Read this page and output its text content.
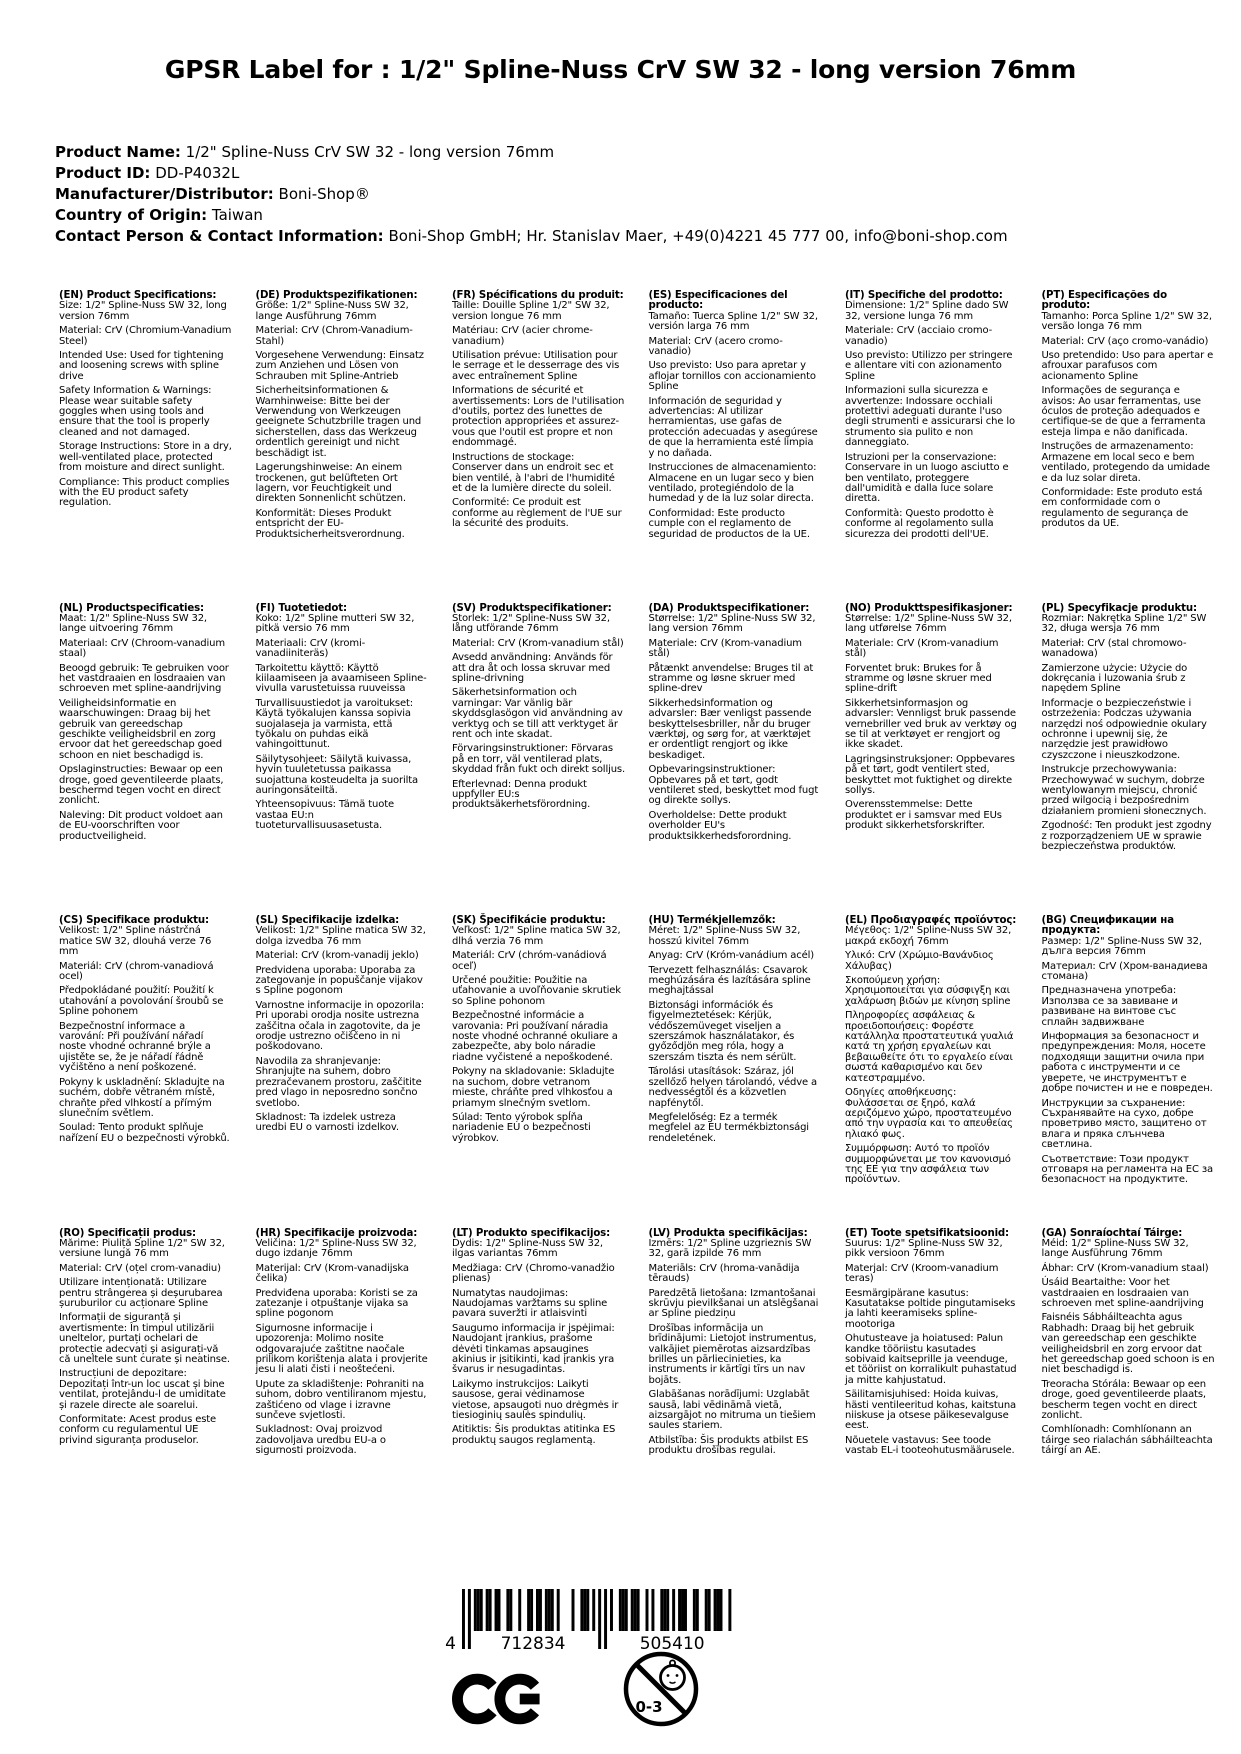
GPSR Label for : 1/2" Spline-Nuss CrV SW 32 - long version 76mm
Product Name: 1/2" Spline-Nuss CrV SW 32 - long version 76mm
Product ID: DD-P4032L
Manufacturer/Distributor: Boni-Shop®
Country of Origin: Taiwan
Contact Person & Contact Information: Boni-Shop GmbH; Hr. Stanislav Maer, +49(0)4221 45 777 00, info@boni-shop.com
(EN) Product Specifications:

Size: 1/2" Spline-Nuss SW 32, long version 76mm

Material: CrV (Chromium-Vanadium Steel)

Intended Use: Used for tightening and loosening screws with spline drive

Safety Information & Warnings: Please wear suitable safety goggles when using tools and ensure that the tool is properly cleaned and not damaged.

Storage Instructions: Store in a dry, well-ventilated place, protected from moisture and direct sunlight.

Compliance: This product complies with the EU product safety regulation.

(DE) Produktspezifikationen:

Größe: 1/2" Spline-Nuss SW 32, lange Ausführung 76mm

Material: CrV (Chrom-Vanadium-Stahl)

Vorgesehene Verwendung: Einsatz zum Anziehen und Lösen von Schrauben mit Spline-Antrieb

Sicherheitsinformationen & Warnhinweise: Bitte bei der Verwendung von Werkzeugen geeignete Schutzbrille tragen und sicherstellen, dass das Werkzeug ordentlich gereinigt und nicht beschädigt ist.

Lagerungshinweise: An einem trockenen, gut belüfteten Ort lagern, vor Feuchtigkeit und direkten Sonnenlicht schützen.

Konformität: Dieses Produkt entspricht der EU-Produktsicherheitsverordnung.

(FR) Spécifications du produit:

Taille: Douille Spline 1/2" SW 32, version longue 76 mm

Matériau: CrV (acier chrome-vanadium)

Utilisation prévue: Utilisation pour le serrage et le desserrage des vis avec entraînement Spline

Informations de sécurité et avertissements: Lors de l'utilisation d'outils, portez des lunettes de protection appropriées et assurez-vous que l'outil est propre et non endommagé.

Instructions de stockage: Conserver dans un endroit sec et bien ventilé, à l'abri de l'humidité et de la lumière directe du soleil.

Conformité: Ce produit est conforme au règlement de l'UE sur la sécurité des produits.

(ES) Especificaciones del producto:

Tamaño: Tuerca Spline 1/2" SW 32, versión larga 76 mm

Material: CrV (acero cromo-vanadio)

Uso previsto: Uso para apretar y aflojar tornillos con accionamiento Spline

Información de seguridad y advertencias: Al utilizar herramientas, use gafas de protección adecuadas y asegúrese de que la herramienta esté limpia y no dañada.

Instrucciones de almacenamiento: Almacene en un lugar seco y bien ventilado, protegiéndolo de la humedad y de la luz solar directa.

Conformidad: Este producto cumple con el reglamento de seguridad de productos de la UE.

(IT) Specifiche del prodotto:

Dimensione: 1/2" Spline dado SW 32, versione lunga 76 mm

Materiale: CrV (acciaio cromo-vanadio)

Uso previsto: Utilizzo per stringere e allentare viti con azionamento Spline

Informazioni sulla sicurezza e avvertenze: Indossare occhiali protettivi adeguati durante l'uso degli strumenti e assicurarsi che lo strumento sia pulito e non danneggiato.

Istruzioni per la conservazione: Conservare in un luogo asciutto e ben ventilato, proteggere dall'umidità e dalla luce solare diretta.

Conformità: Questo prodotto è conforme al regolamento sulla sicurezza dei prodotti dell'UE.

(PT) Especificações do produto:

Tamanho: Porca Spline 1/2" SW 32, versão longa 76 mm

Material: CrV (aço cromo-vanádio)

Uso pretendido: Uso para apertar e afrouxar parafusos com acionamento Spline

Informações de segurança e avisos: Ao usar ferramentas, use óculos de proteção adequados e certifique-se de que a ferramenta esteja limpa e não danificada.

Instruções de armazenamento: Armazene em local seco e bem ventilado, protegendo da umidade e da luz solar direta.

Conformidade: Este produto está em conformidade com o regulamento de segurança de produtos da UE.

(NL) Productspecificaties:

Maat: 1/2" Spline-Nuss SW 32, lange uitvoering 76mm

Materiaal: CrV (Chroom-vanadium staal)

Beoogd gebruik: Te gebruiken voor het vastdraaien en losdraaien van schroeven met spline-aandrijving

Veiligheidsinformatie en waarschuwingen: Draag bij het gebruik van gereedschap geschikte veiligheidsbril en zorg ervoor dat het gereedschap goed schoon en niet beschadigd is.

Opslaginstructies: Bewaar op een droge, goed geventileerde plaats, beschermd tegen vocht en direct zonlicht.

Naleving: Dit product voldoet aan de EU-voorschriften voor productveiligheid.

(FI) Tuotetiedot:

Koko: 1/2" Spline mutteri SW 32, pitkä versio 76 mm

Materiaali: CrV (kromi-vanadiiniteräs)

Tarkoitettu käyttö: Käyttö kiilaamiseen ja avaamiseen Spline-vivulla varustetuissa ruuveissa

Turvallisuustiedot ja varoitukset: Käytä työkalujen kanssa sopivia suojalaseja ja varmista, että työkalu on puhdas eikä vahingoittunut.

Säilytysohjeet: Säilytä kuivassa, hyvin tuuletetussa paikassa suojattuna kosteudelta ja suorilta auringonsäteiltä.

Yhteensopivuus: Tämä tuote vastaa EU:n tuoteturvallisuusasetusta.

(SV) Produktspecifikationer:

Storlek: 1/2" Spline-Nuss SW 32, lång utförande 76mm

Material: CrV (Krom-vanadium stål)

Avsedd användning: Används för att dra åt och lossa skruvar med spline-drivning

Säkerhetsinformation och varningar: Var vänlig bär skyddsglasögon vid användning av verktyg och se till att verktyget är rent och inte skadat.

Förvaringsinstruktioner: Förvaras på en torr, väl ventilerad plats, skyddad från fukt och direkt solljus.

Efterlevnad: Denna produkt uppfyller EU:s produktsäkerhetsförordning.

(DA) Produktspecifikationer:

Størrelse: 1/2" Spline-Nuss SW 32, lang version 76mm

Materiale: CrV (Krom-vanadium stål)

Påtænkt anvendelse: Bruges til at stramme og løsne skruer med spline-drev

Sikkerhedsinformation og advarsler: Bær venligst passende beskyttelsesbriller, når du bruger værktøj, og sørg for, at værktøjet er ordentligt rengjort og ikke beskadiget.

Opbevaringsinstruktioner: Opbevares på et tørt, godt ventileret sted, beskyttet mod fugt og direkte sollys.

Overholdelse: Dette produkt overholder EU's produktsikkerhedsforordning.

(NO) Produkttspesifikasjoner:

Størrelse: 1/2" Spline-Nuss SW 32, lang utførelse 76mm

Materiale: CrV (Krom-vanadium stål)

Forventet bruk: Brukes for å stramme og løsne skruer med spline-drift

Sikkerhetsinformasjon og advarsler: Vennligst bruk passende vernebriller ved bruk av verktøy og se til at verktøyet er rengjort og ikke skadet.

Lagringsinstruksjoner: Oppbevares på et tørt, godt ventilert sted, beskyttet mot fuktighet og direkte sollys.

Overensstemmelse: Dette produktet er i samsvar med EUs produkt sikkerhetsforskrifter.

(PL) Specyfikacje produktu:

Rozmiar: Nakrętka Spline 1/2" SW 32, długa wersja 76 mm

Materiał: CrV (stal chromowo-wanadowa)

Zamierzone użycie: Użycie do dokręcania i luzowania śrub z napędem Spline

Informacje o bezpieczeństwie i ostrzeżenia: Podczas używania narzędzi noś odpowiednie okulary ochronne i upewnij się, że narzędzie jest prawidłowo czyszczone i nieuszkodzone.

Instrukcje przechowywania: Przechowywać w suchym, dobrze wentylowanym miejscu, chronić przed wilgocią i bezpośrednim działaniem promieni słonecznych.

Zgodność: Ten produkt jest zgodny z rozporządzeniem UE w sprawie bezpieczeństwa produktów.

(CS) Specifikace produktu:

Velikost: 1/2" Spline nástrčná matice SW 32, dlouhá verze 76 mm

Materiál: CrV (chrom-vanadiová ocel)

Předpokládané použití: Použití k utahování a povolování šroubů se Spline pohonem

Bezpečnostní informace a varování: Při používání nářadí noste vhodné ochranné brýle a ujistěte se, že je nářadí řádně vyčištěno a není poškozené.

Pokyny k uskladnění: Skladujte na suchém, dobře větraném místě, chraňte před vlhkostí a přímým slunečním světlem.

Soulad: Tento produkt splňuje nařízení EU o bezpečnosti výrobků.

(SL) Specifikacije izdelka:

Velikost: 1/2" Spline matica SW 32, dolga izvedba 76 mm

Material: CrV (krom-vanadij jeklo)

Predvidena uporaba: Uporaba za zategovanje in popuščanje vijakov s Spline pogonom

Varnostne informacije in opozorila: Pri uporabi orodja nosite ustrezna zaščitna očala in zagotovite, da je orodje ustrezno očiščeno in ni poškodovano.

Navodila za shranjevanje: Shranjujte na suhem, dobro prezračevanem prostoru, zaščitite pred vlago in neposredno sončno svetlobo.

Skladnost: Ta izdelek ustreza uredbi EU o varnosti izdelkov.

(SK) Špecifikácie produktu:

Veľkosť: 1/2" Spline matica SW 32, dlhá verzia 76 mm

Materiál: CrV (chróm-vanádiová oceľ)

Určené použitie: Použitie na uťahovanie a uvoľňovanie skrutiek so Spline pohonom

Bezpečnostné informácie a varovania: Pri používaní náradia noste vhodné ochranné okuliare a zabezpečte, aby bolo náradie riadne vyčistené a nepoškodené.

Pokyny na skladovanie: Skladujte na suchom, dobre vetranom mieste, chráňte pred vlhkosťou a priamym slnečným svetlom.

Súlad: Tento výrobok spĺňa nariadenie EÚ o bezpečnosti výrobkov.

(HU) Termékjellemzők:

Méret: 1/2" Spline-Nuss SW 32, hosszú kivitel 76mm

Anyag: CrV (Króm-vanádium acél)

Tervezett felhasználás: Csavarok meghúzására és lazítására spline meghajtással

Biztonsági információk és figyelmeztetések: Kérjük, védőszemüveget viseljen a szerszámok használatakor, és győződjön meg róla, hogy a szerszám tiszta és nem sérült.

Tárolási utasítások: Száraz, jól szellőző helyen tárolandó, védve a nedvességtől és a közvetlen napfénytől.

Megfelelőség: Ez a termék megfelel az EU termékbiztonsági rendeletének.

(EL) Προδιαγραφές προϊόντος:

Μέγεθος: 1/2" Spline-Nuss SW 32, μακρά εκδοχή 76mm

Υλικό: CrV (Χρώμιο-Βανάνδιος Χάλυβας)

Σκοπούμενη χρήση: Χρησιμοποιείται για σύσφιγξη και χαλάρωση βιδών με κίνηση spline

Πληροφορίες ασφάλειας & προειδοποιήσεις: Φορέστε κατάλληλα προστατευτικά γυαλιά κατά τη χρήση εργαλείων και βεβαιωθείτε ότι το εργαλείο είναι σωστά καθαρισμένο και δεν κατεστραμμένο.

Οδηγίες αποθήκευσης: Φυλάσσεται σε ξηρό, καλά αεριζόμενο χώρο, προστατευμένο από την υγρασία και το απευθείας ηλιακό φως.

Συμμόρφωση: Αυτό το προϊόν συμμορφώνεται με τον κανονισμό της ΕΕ για την ασφάλεια των προϊόντων.

(BG) Спецификации на продукта:

Размер: 1/2" Spline-Nuss SW 32, дълга версия 76mm

Материал: CrV (Хром-ванадиева стомана)

Предназначена употреба: Използва се за завиване и развиване на винтове със сплайн задвижване

Информация за безопасност и предупреждения: Моля, носете подходящи защитни очила при работа с инструменти и се уверете, че инструментът е добре почистен и не е повреден.

Инструкции за съхранение: Съхранявайте на сухо, добре проветриво място, защитено от влага и пряка слънчева светлина.

Съответствие: Този продукт отговаря на регламента на ЕС за безопасност на продуктите.

(RO) Specificații produs:

Mărime: Piuliță Spline 1/2" SW 32, versiune lungă 76 mm

Material: CrV (oțel crom-vanadiu)

Utilizare intenționată: Utilizare pentru strângerea și deșurubarea șuruburilor cu acționare Spline

Informații de siguranță și avertismente: În timpul utilizării uneltelor, purtați ochelari de protecție adecvați și asigurați-vă că uneltele sunt curate și neatinse.

Instrucțiuni de depozitare: Depozitați într-un loc uscat și bine ventilat, protejându-l de umiditate și razele directe ale soarelui.

Conformitate: Acest produs este conform cu regulamentul UE privind siguranța produselor.

(HR) Specifikacije proizvoda:

Veličina: 1/2" Spline-Nuss SW 32, dugo izdanje 76mm

Materijal: CrV (Krom-vanadijska čelika)

Predviđena uporaba: Koristi se za zatezanje i otpuštanje vijaka sa spline pogonom

Sigurnosne informacije i upozorenja: Molimo nosite odgovarajuće zaštitne naočale prilikom korištenja alata i provjerite jesu li alati čisti i neoštećeni.

Upute za skladištenje: Pohraniti na suhom, dobro ventiliranom mjestu, zaštićeno od vlage i izravne sunčeve svjetlosti.

Sukladnost: Ovaj proizvod zadovoljava uredbu EU-a o sigurnosti proizvoda.

(LT) Produkto specifikacijos:

Dydis: 1/2" Spline-Nuss SW 32, ilgas variantas 76mm

Medžiaga: CrV (Chromo-vanadžio plienas)

Numatytas naudojimas: Naudojamas varžtams su spline pavara suveržti ir atlaisvinti

Saugumo informacija ir įspėjimai: Naudojant įrankius, prašome dėvėti tinkamas apsaugines akinius ir įsitikinti, kad įrankis yra švarus ir nesugadintas.

Laikymo instrukcijos: Laikyti sausose, gerai vėdinamose vietose, apsaugoti nuo drėgmės ir tiesioginių saulės spindulių.

Atitiktis: Šis produktas atitinka ES produktų saugos reglamentą.

(LV) Produkta specifikācijas:

Izmērs: 1/2" Spline uzgrieznis SW 32, garā izpilde 76 mm

Materiāls: CrV (hroma-vanādija tērauds)

Paredzētā lietošana: Izmantošanai skrūvju pievilkšanai un atslēgšanai ar Spline piedziņu

Drošības informācija un brīdinājumi: Lietojot instrumentus, valkājiet piemērotas aizsardzības brilles un pārliecinieties, ka instruments ir kārtīgi tīrs un nav bojāts.

Glabāšanas norādījumi: Uzglabāt sausā, labi vēdināmā vietā, aizsargājot no mitruma un tiešiem saules stariem.

Atbilstība: Šis produkts atbilst ES produktu drošības regulai.

(ET) Toote spetsifikatsioonid:

Suurus: 1/2" Spline-Nuss SW 32, pikk versioon 76mm

Materjal: CrV (Kroom-vanadium teras)

Eesmärgipärane kasutus: Kasutatakse poltide pingutamiseks ja lahti keeramiseks spline-mootoriga

Ohutusteave ja hoiatused: Palun kandke tööriistu kasutades sobivaid kaitseprille ja veenduge, et tööriist on korralikult puhastatud ja mitte kahjustatud.

Säilitamisjuhised: Hoida kuivas, hästi ventileeritud kohas, kaitstuna niiskuse ja otsese päikesevalguse eest.

Nõuetele vastavus: See toode vastab EL-i tooteohutusmäärusele.

(GA) Sonraíochtaí Táirge:

Méid: 1/2" Spline-Nuss SW 32, lange Ausführung 76mm

Ábhar: CrV (Krom-vanadium staal)

Úsáid Beartaithe: Voor het vastdraaien en losdraaien van schroeven met spline-aandrijving

Faisnéis Sábháilteachta agus Rabhadh: Draag bij het gebruik van gereedschap een geschikte veiligheidsbril en zorg ervoor dat het gereedschap goed schoon is en niet beschadigd is.

Treoracha Stórála: Bewaar op een droge, goed geventileerde plaats, bescherm tegen vocht en direct zonlicht.

Comhlíonadh: Comhlíonann an táirge seo rialachán sábháilteachta táirgí an AE.

4	712834	505410
0-3
